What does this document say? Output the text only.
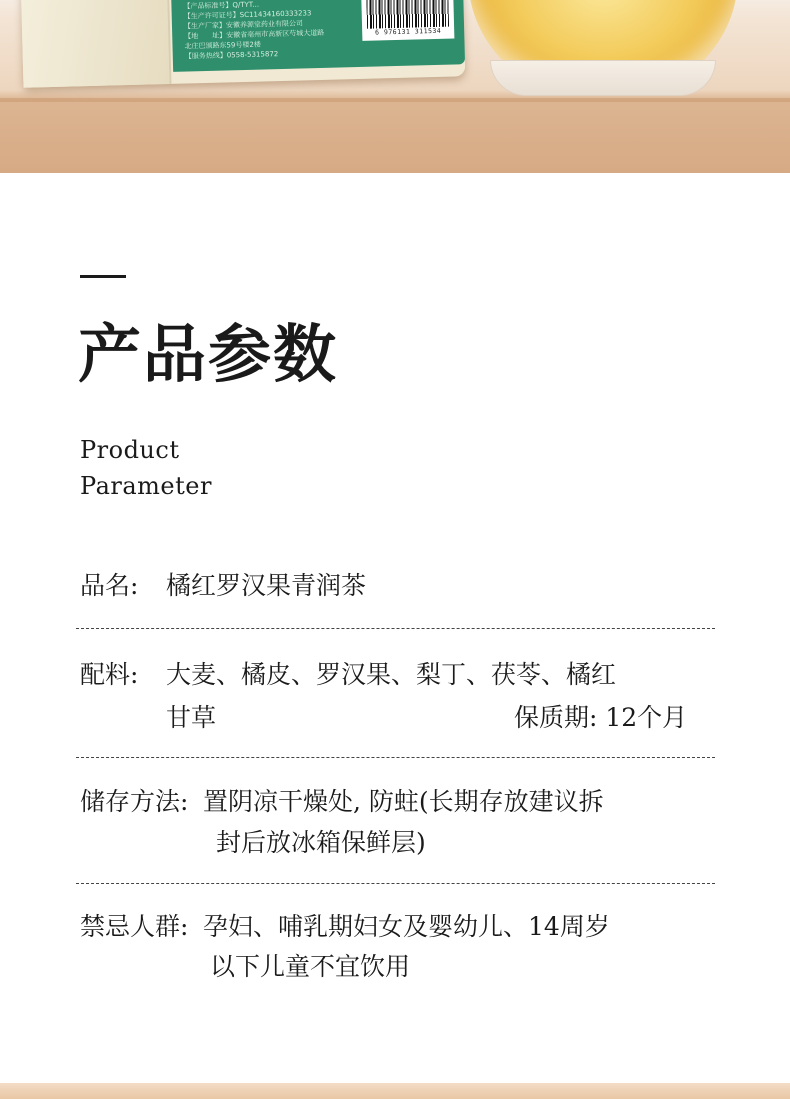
【产品标准号】Q/TYT...
【生产许可证号】SC11434160333233
【生产厂家】安徽养源堂药业有限公司
【地　　址】安徽省亳州市高新区芍城大道路
北庄巴颁路东59号楼2楼
【服务热线】0558-5315872
6 976131 311534
产品参数
Product
Parameter
品名: 橘红罗汉果青润茶
配料: 大麦、橘皮、罗汉果、梨丁、茯苓、橘红
甘草	保质期: 12个月
储存方法: 置阴凉干燥处, 防蛀(长期存放建议拆
封后放冰箱保鲜层)
禁忌人群: 孕妇、哺乳期妇女及婴幼儿、14周岁
以下儿童不宜饮用
